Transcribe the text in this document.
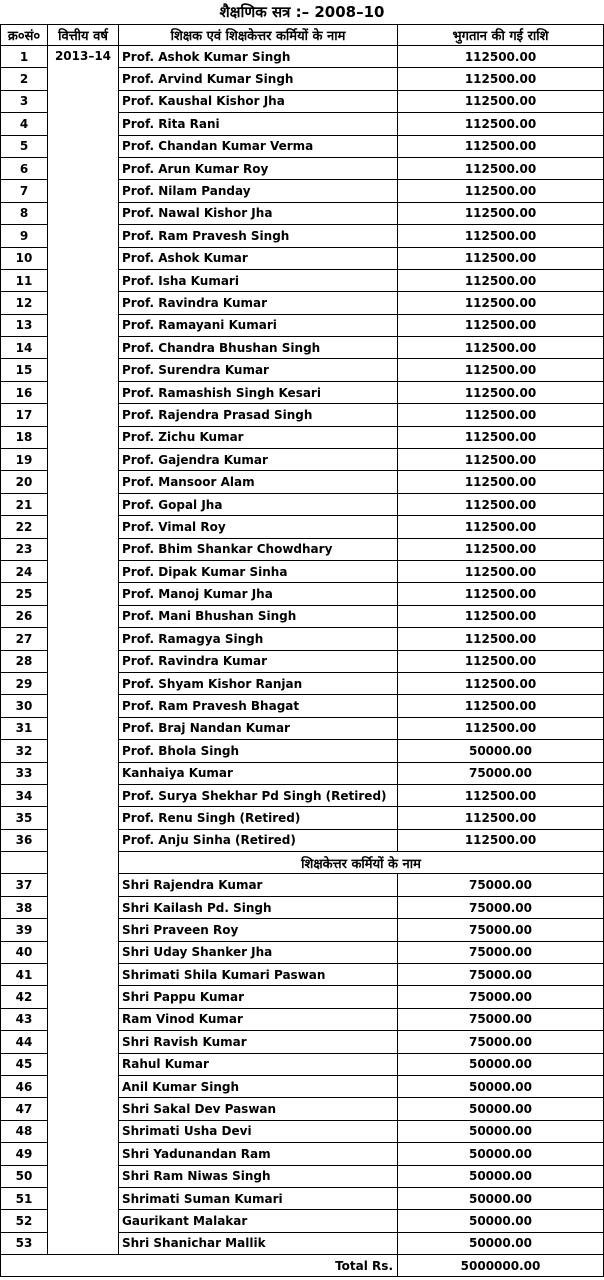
शैक्षणिक सत्र :– 2008–10
क्र०सं०	वित्तीय वर्ष	शिक्षक एवं शिक्षकेत्तर कर्मियों के नाम	भुगतान की गई राशि
1	2013–14	Prof. Ashok Kumar Singh	112500.00
2		Prof. Arvind Kumar Singh	112500.00
3		Prof. Kaushal Kishor Jha	112500.00
4		Prof. Rita Rani	112500.00
5		Prof. Chandan Kumar Verma	112500.00
6		Prof. Arun Kumar Roy	112500.00
7		Prof. Nilam Panday	112500.00
8		Prof. Nawal Kishor Jha	112500.00
9		Prof. Ram Pravesh Singh	112500.00
10		Prof. Ashok Kumar	112500.00
11		Prof. Isha Kumari	112500.00
12		Prof. Ravindra Kumar	112500.00
13		Prof. Ramayani Kumari	112500.00
14		Prof. Chandra Bhushan Singh	112500.00
15		Prof. Surendra Kumar	112500.00
16		Prof. Ramashish Singh Kesari	112500.00
17		Prof. Rajendra Prasad Singh	112500.00
18		Prof. Zichu Kumar	112500.00
19		Prof. Gajendra Kumar	112500.00
20		Prof. Mansoor Alam	112500.00
21		Prof. Gopal Jha	112500.00
22		Prof. Vimal Roy	112500.00
23		Prof. Bhim Shankar Chowdhary	112500.00
24		Prof. Dipak Kumar Sinha	112500.00
25		Prof. Manoj Kumar Jha	112500.00
26		Prof. Mani Bhushan Singh	112500.00
27		Prof. Ramagya Singh	112500.00
28		Prof. Ravindra Kumar	112500.00
29		Prof. Shyam Kishor Ranjan	112500.00
30		Prof. Ram Pravesh Bhagat	112500.00
31		Prof. Braj Nandan Kumar	112500.00
32		Prof. Bhola Singh	50000.00
33		Kanhaiya Kumar	75000.00
34		Prof. Surya Shekhar Pd Singh (Retired)	112500.00
35		Prof. Renu Singh (Retired)	112500.00
36		Prof. Anju Sinha (Retired)	112500.00
		शिक्षकेत्तर कर्मियों के नाम	
37		Shri Rajendra Kumar	75000.00
38		Shri Kailash Pd. Singh	75000.00
39		Shri Praveen Roy	75000.00
40		Shri Uday Shanker Jha	75000.00
41		Shrimati Shila Kumari Paswan	75000.00
42		Shri Pappu Kumar	75000.00
43		Ram Vinod Kumar	75000.00
44		Shri Ravish Kumar	75000.00
45		Rahul Kumar	50000.00
46		Anil Kumar Singh	50000.00
47		Shri Sakal Dev Paswan	50000.00
48		Shrimati Usha Devi	50000.00
49		Shri Yadunandan Ram	50000.00
50		Shri Ram Niwas Singh	50000.00
51		Shrimati Suman Kumari	50000.00
52		Gaurikant Malakar	50000.00
53		Shri Shanichar Mallik	50000.00
Total Rs.			5000000.00
